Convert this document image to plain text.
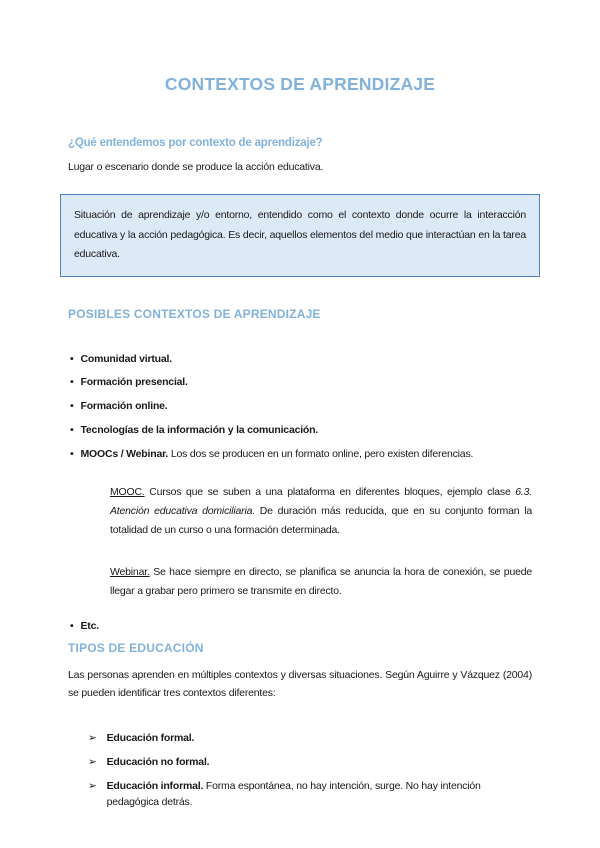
CONTEXTOS DE APRENDIZAJE
¿Qué entendemos por contexto de aprendizaje?
Lugar o escenario donde se produce la acción educativa.
Situación de aprendizaje y/o entorno, entendido como el contexto donde ocurre la interacción educativa y la acción pedagógica. Es decir, aquellos elementos del medio que interactúan en la tarea educativa.
POSIBLES CONTEXTOS DE APRENDIZAJE
• Comunidad virtual.
• Formación presencial.
• Formación online.
• Tecnologías de la información y la comunicación.
• MOOCs / Webinar. Los dos se producen en un formato online, pero existen diferencias.
MOOC. Cursos que se suben a una plataforma en diferentes bloques, ejemplo clase 6.3. Atención educativa domiciliaria. De duración más reducida, que en su conjunto forman la totalidad de un curso o una formación determinada.
Webinar. Se hace siempre en directo, se planifica se anuncia la hora de conexión, se puede llegar a grabar pero primero se transmite en directo.
• Etc.
TIPOS DE EDUCACIÓN
Las personas aprenden en múltiples contextos y diversas situaciones. Según Aguirre y Vázquez (2004) se pueden identificar tres contextos diferentes:
➢ Educación formal.
➢ Educación no formal.
➢ Educación informal. Forma espontánea, no hay intención, surge. No hay intención pedagógica detrás.
